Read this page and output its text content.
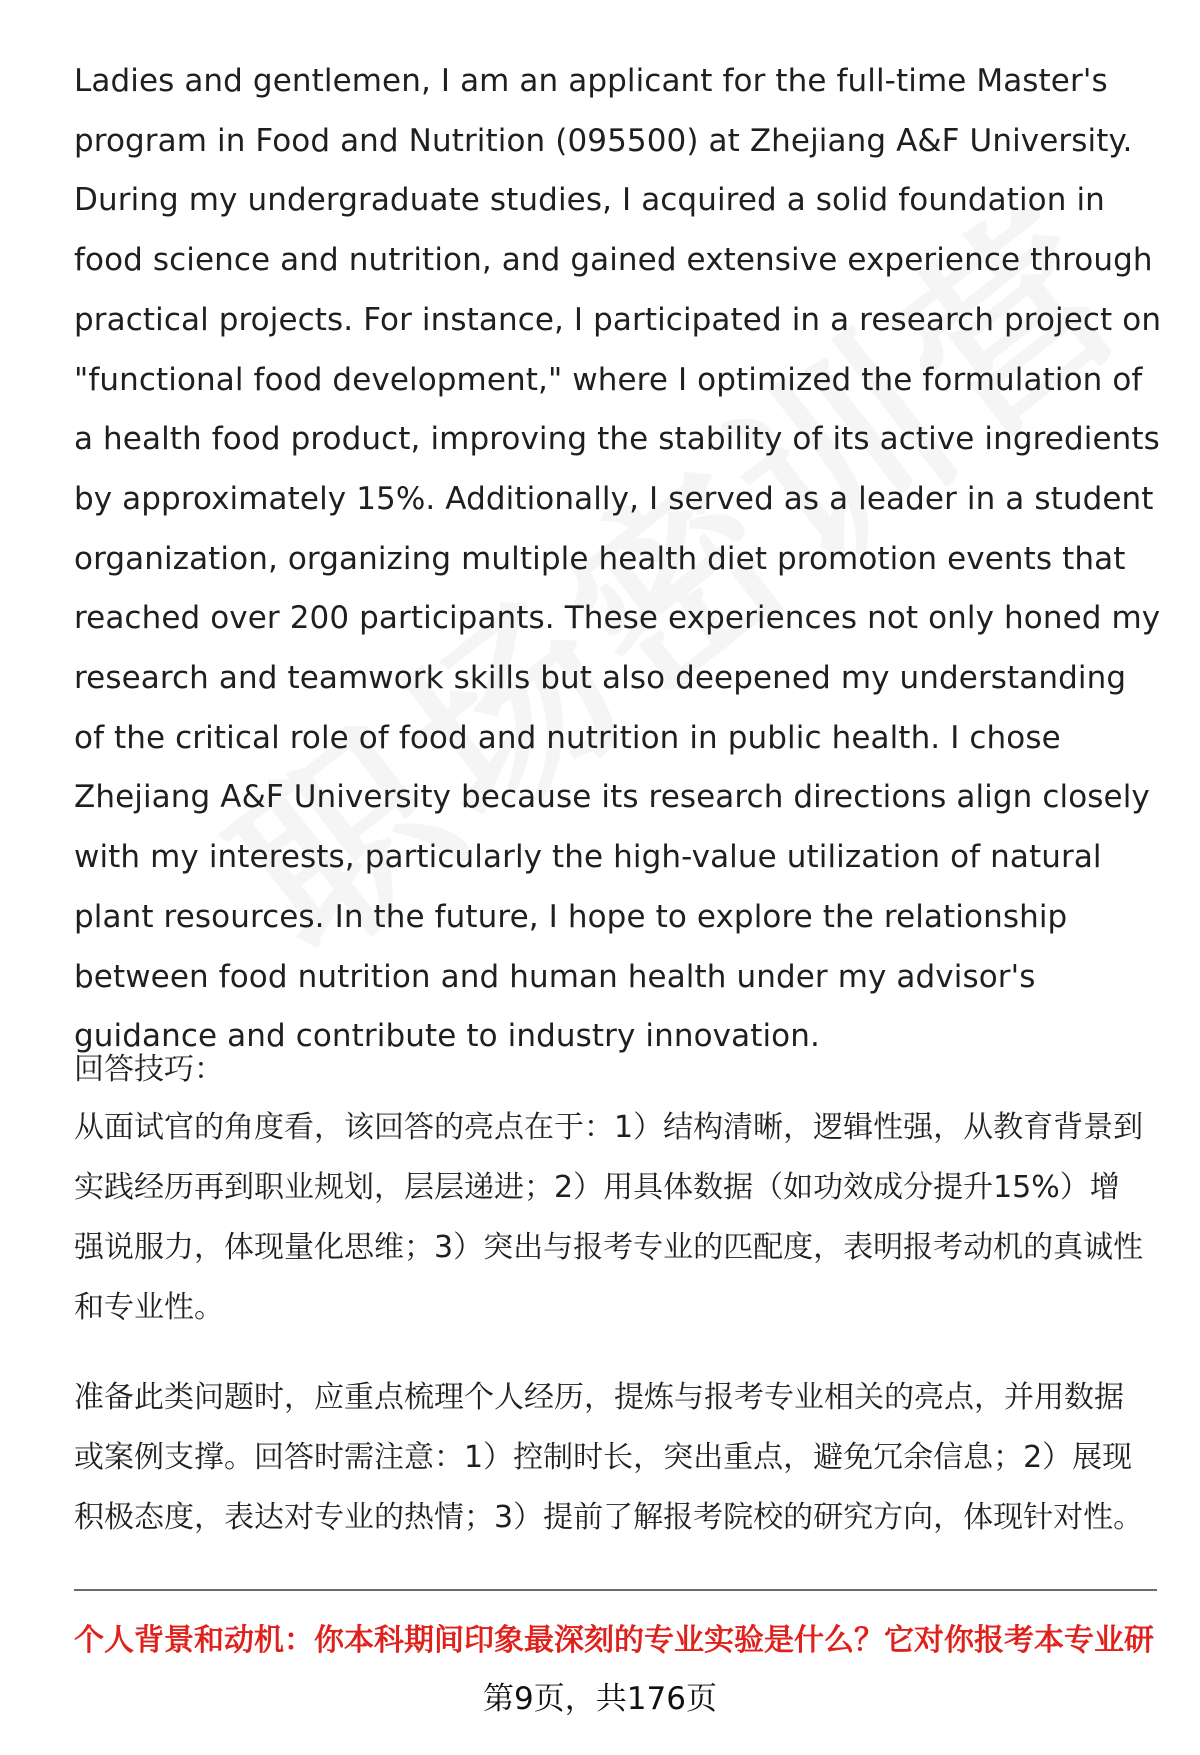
Ladies and gentlemen, I am an applicant for the full-time Master's program in Food and Nutrition (095500) at Zhejiang A&F University. During my undergraduate studies, I acquired a solid foundation in food science and nutrition, and gained extensive experience through practical projects. For instance, I participated in a research project on "functional food development," where I optimized the formulation of a health food product, improving the stability of its active ingredients by approximately 15%. Additionally, I served as a leader in a student organization, organizing multiple health diet promotion events that reached over 200 participants. These experiences not only honed my research and teamwork skills but also deepened my understanding of the critical role of food and nutrition in public health. I chose Zhejiang A&F University because its research directions align closely with my interests, particularly the high-value utilization of natural plant resources. In the future, I hope to explore the relationship between food nutrition and human health under my advisor's guidance and contribute to industry innovation.

回答技巧：

从面试官的角度看，该回答的亮点在于：1）结构清晰，逻辑性强，从教育背景到实践经历再到职业规划，层层递进；2）用具体数据（如功效成分提升15%）增强说服力，体现量化思维；3）突出与报考专业的匹配度，表明报考动机的真诚性和专业性。

准备此类问题时，应重点梳理个人经历，提炼与报考专业相关的亮点，并用数据或案例支撑。回答时需注意：1）控制时长，突出重点，避免冗余信息；2）展现积极态度，表达对专业的热情；3）提前了解报考院校的研究方向，体现针对性。

个人背景和动机：你本科期间印象最深刻的专业实验是什么？它对你报考本专业研

第9页，共176页
